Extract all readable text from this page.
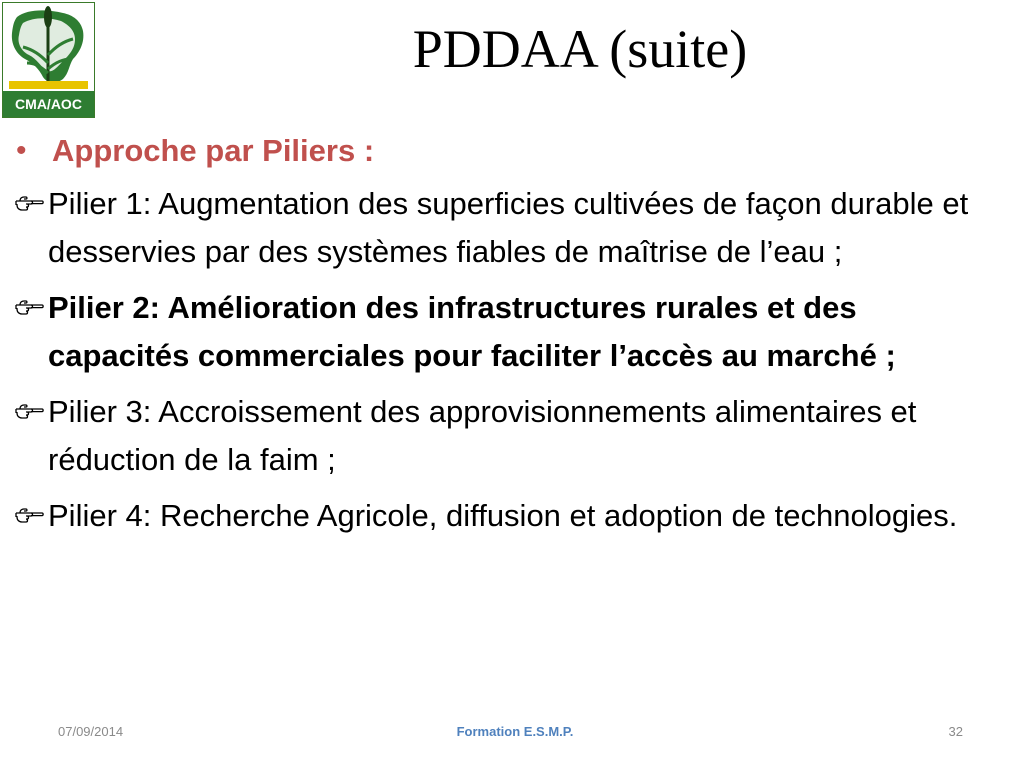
CMA/AOC
PDDAA (suite)
• Approche par Piliers :
Pilier 1: Augmentation des superficies cultivées de façon durable et desservies par des systèmes fiables de maîtrise de l’eau ;
Pilier 2: Amélioration des infrastructures rurales et des capacités commerciales pour faciliter l’accès au marché ;
Pilier 3: Accroissement des approvisionnements alimentaires et réduction de la faim ;
Pilier 4: Recherche Agricole, diffusion et adoption de technologies.
07/09/2014	Formation E.S.M.P.	32
